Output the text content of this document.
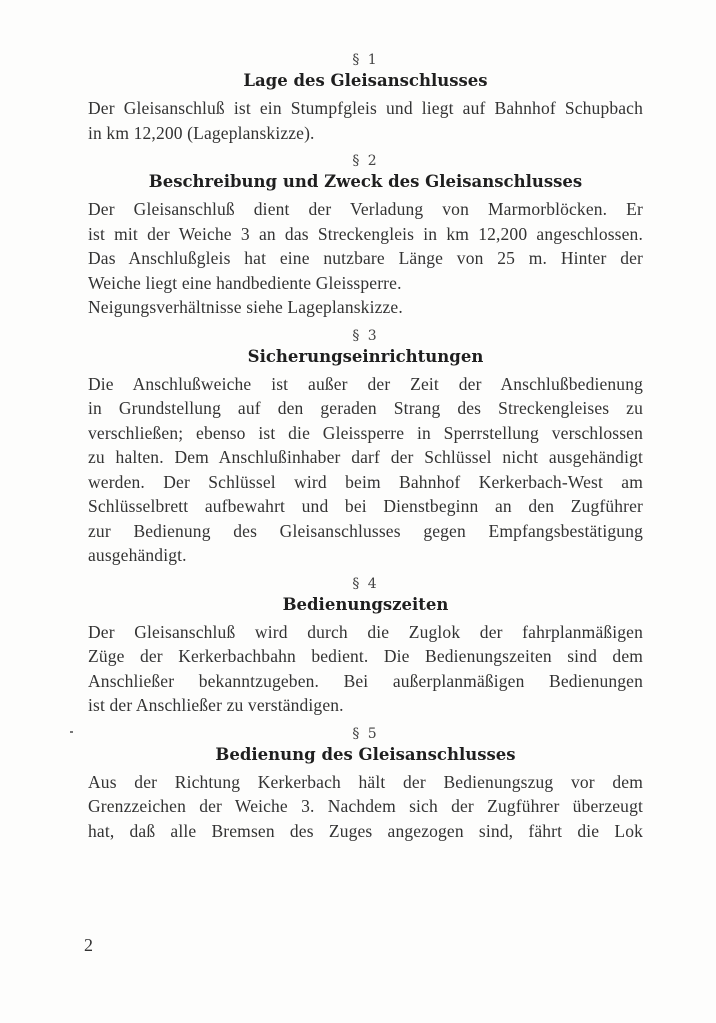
§ 1

Lage des Gleisanschlusses

Der Gleisanschluß ist ein Stumpfgleis und liegt auf Bahnhof Schupbach

in km 12,200 (Lageplanskizze).

§ 2

Beschreibung und Zweck des Gleisanschlusses

Der Gleisanschluß dient der Verladung von Marmorblöcken. Er

ist mit der Weiche 3 an das Streckengleis in km 12,200 angeschlossen.

Das Anschlußgleis hat eine nutzbare Länge von 25 m. Hinter der

Weiche liegt eine handbediente Gleissperre.

Neigungsverhältnisse siehe Lageplanskizze.

§ 3

Sicherungseinrichtungen

Die Anschlußweiche ist außer der Zeit der Anschlußbedienung

in Grundstellung auf den geraden Strang des Streckengleises zu

verschließen; ebenso ist die Gleissperre in Sperrstellung verschlossen

zu halten. Dem Anschlußinhaber darf der Schlüssel nicht ausgehändigt

werden. Der Schlüssel wird beim Bahnhof Kerkerbach-West am

Schlüsselbrett aufbewahrt und bei Dienstbeginn an den Zugführer

zur Bedienung des Gleisanschlusses gegen Empfangsbestätigung

ausgehändigt.

§ 4

Bedienungszeiten

Der Gleisanschluß wird durch die Zuglok der fahrplanmäßigen

Züge der Kerkerbachbahn bedient. Die Bedienungszeiten sind dem

Anschließer bekanntzugeben. Bei außerplanmäßigen Bedienungen

ist der Anschließer zu verständigen.

§ 5

Bedienung des Gleisanschlusses

Aus der Richtung Kerkerbach hält der Bedienungszug vor dem

Grenzzeichen der Weiche 3. Nachdem sich der Zugführer überzeugt

hat, daß alle Bremsen des Zuges angezogen sind, fährt die Lok

2
